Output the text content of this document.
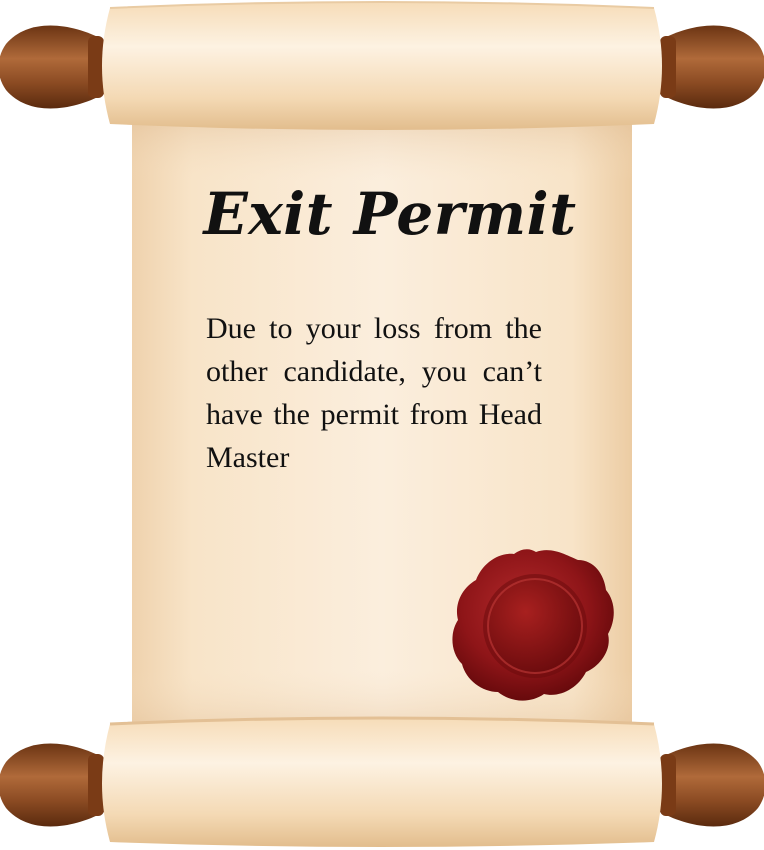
Exit Permit

Due to your loss from the other candidate, you can’t have the permit from Head Master
